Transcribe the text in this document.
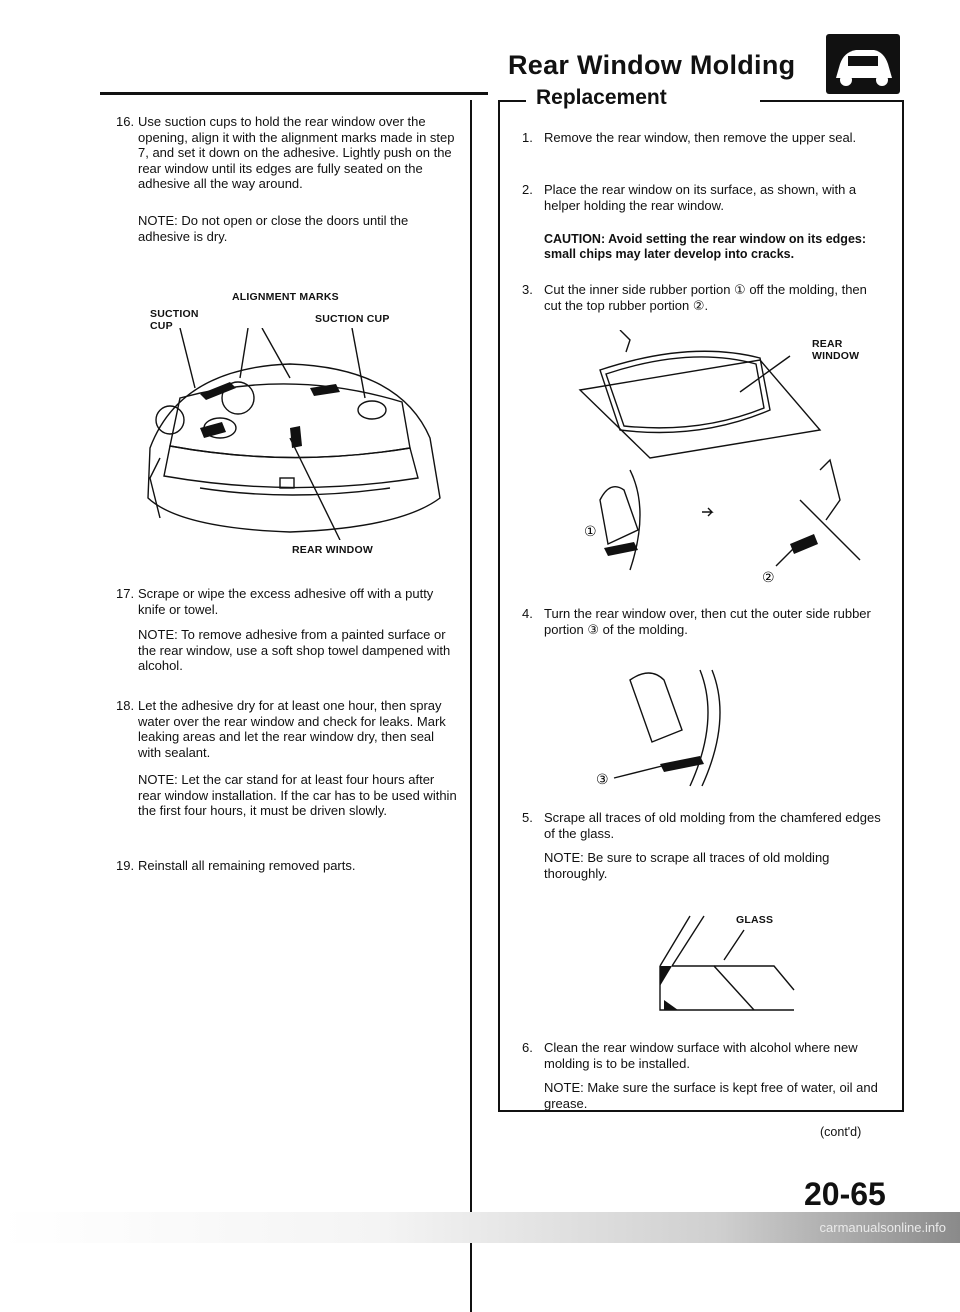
Rear Window Molding
Replacement
16. Use suction cups to hold the rear window over the opening, align it with the alignment marks made in step 7, and set it down on the adhesive. Lightly push on the rear window until its edges are fully seated on the adhesive all the way around.
NOTE: Do not open or close the doors until the adhesive is dry.
ALIGNMENT MARKS
SUCTION CUP
SUCTION CUP
REAR WINDOW
17. Scrape or wipe the excess adhesive off with a putty knife or towel.
NOTE: To remove adhesive from a painted surface or the rear window, use a soft shop towel dampened with alcohol.
18. Let the adhesive dry for at least one hour, then spray water over the rear window and check for leaks. Mark leaking areas and let the rear window dry, then seal with sealant.
NOTE: Let the car stand for at least four hours after rear window installation. If the car has to be used within the first four hours, it must be driven slowly.
19. Reinstall all remaining removed parts.
1. Remove the rear window, then remove the upper seal.
2. Place the rear window on its surface, as shown, with a helper holding the rear window.
CAUTION: Avoid setting the rear window on its edges: small chips may later develop into cracks.
3. Cut the inner side rubber portion ① off the molding, then cut the top rubber portion ②.
REAR WINDOW
①
②
4. Turn the rear window over, then cut the outer side rubber portion ③ of the molding.
③
5. Scrape all traces of old molding from the chamfered edges of the glass.
NOTE: Be sure to scrape all traces of old molding thoroughly.
GLASS
6. Clean the rear window surface with alcohol where new molding is to be installed.
NOTE: Make sure the surface is kept free of water, oil and grease.
(cont'd)
20-65
carmanualsonline.info
